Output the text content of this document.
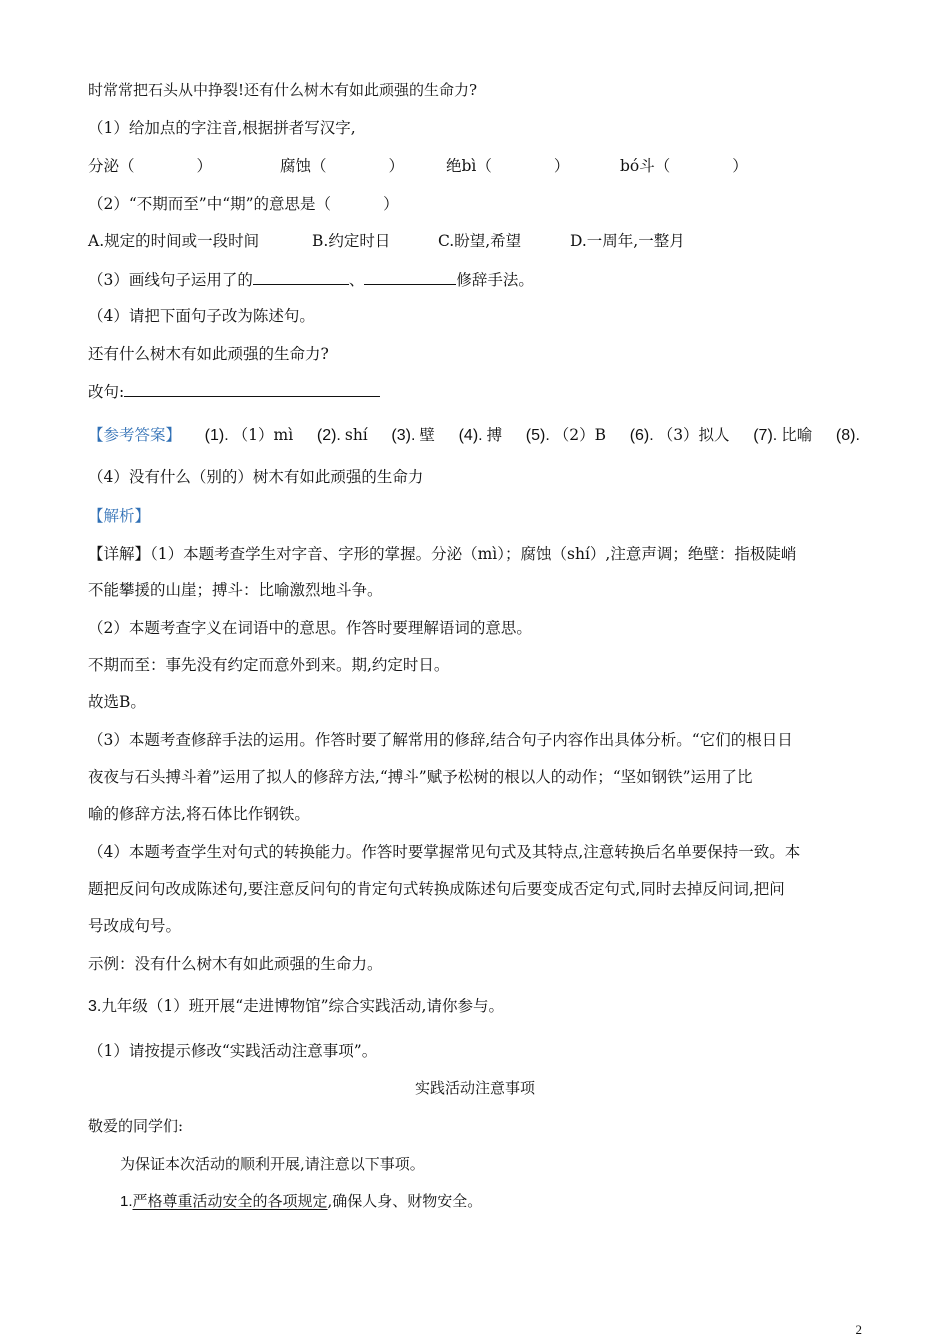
时常常把石头从中挣裂!还有什么树木有如此顽强的生命力?
（1）给加点的字注音,根据拼者写汉字,
分泌（	）	腐蚀（	）	绝bì（	）	bó斗（	）
（2）“不期而至”中“期”的意思是（	）
A.规定的时间或一段时间	B.约定时日	C.盼望,希望	D.一周年,一整月
（3）画线句子运用了的	、	修辞手法。
（4）请把下面句子改为陈述句。
还有什么树木有如此顽强的生命力?
改句:
【参考答案】 (1). （1）mì (2). shí (3). 壁 (4). 搏 (5). （2）B (6). （3）拟人 (7). 比喻 (8).
（4）没有什么（别的）树木有如此顽强的生命力
【解析】
【详解】（1）本题考查学生对字音、字形的掌握。分泌（mì）；腐蚀（shí）,注意声调；绝壁：指极陡峭
不能攀援的山崖；搏斗：比喻激烈地斗争。
（2）本题考查字义在词语中的意思。作答时要理解语词的意思。
不期而至：事先没有约定而意外到来。期,约定时日。
故选B。
（3）本题考查修辞手法的运用。作答时要了解常用的修辞,结合句子内容作出具体分析。“它们的根日日
夜夜与石头搏斗着”运用了拟人的修辞方法,“搏斗”赋予松树的根以人的动作；“坚如钢铁”运用了比
喻的修辞方法,将石体比作钢铁。
（4）本题考查学生对句式的转换能力。作答时要掌握常见句式及其特点,注意转换后名单要保持一致。本
题把反问句改成陈述句,要注意反问句的肯定句式转换成陈述句后要变成否定句式,同时去掉反问词,把问
号改成句号。
示例：没有什么树木有如此顽强的生命力。
3.九年级（1）班开展“走进博物馆”综合实践活动,请你参与。
（1）请按提示修改“实践活动注意事项”。
实践活动注意事项
敬爱的同学们:
为保证本次活动的顺利开展,请注意以下事项。
1.严格尊重活动安全的各项规定,确保人身、财物安全。
2
